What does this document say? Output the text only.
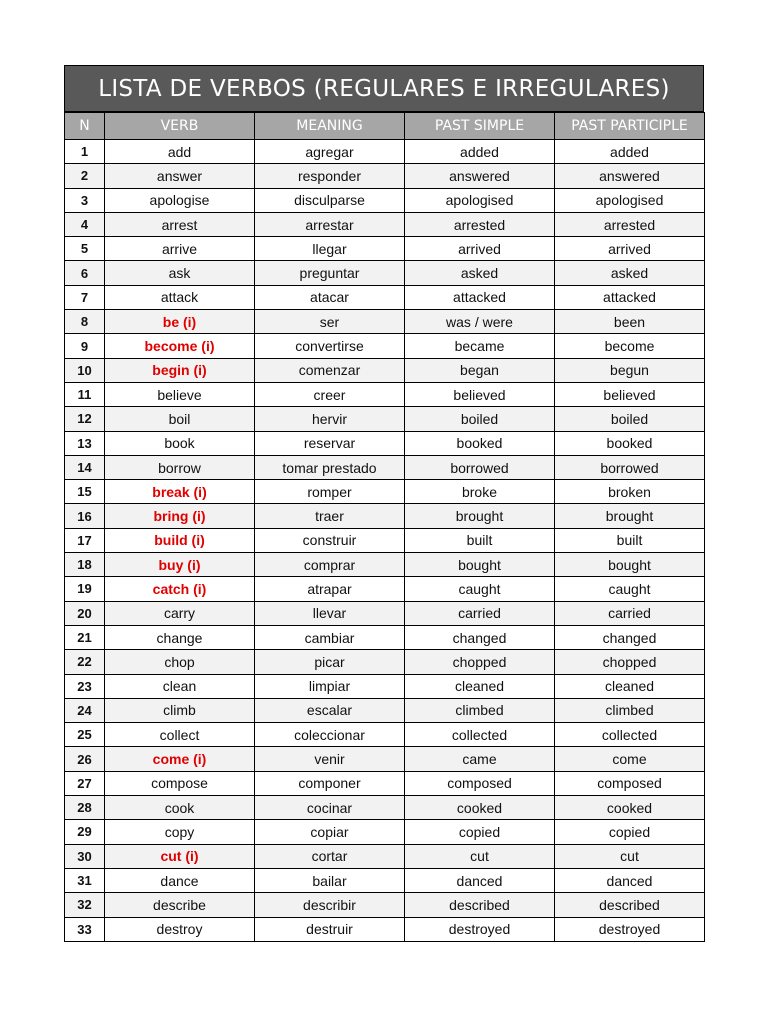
LISTA DE VERBOS (REGULARES E IRREGULARES)
N	VERB	MEANING	PAST SIMPLE	PAST PARTICIPLE
1	add	agregar	added	added
2	answer	responder	answered	answered
3	apologise	disculparse	apologised	apologised
4	arrest	arrestar	arrested	arrested
5	arrive	llegar	arrived	arrived
6	ask	preguntar	asked	asked
7	attack	atacar	attacked	attacked
8	be (i)	ser	was / were	been
9	become (i)	convertirse	became	become
10	begin (i)	comenzar	began	begun
11	believe	creer	believed	believed
12	boil	hervir	boiled	boiled
13	book	reservar	booked	booked
14	borrow	tomar prestado	borrowed	borrowed
15	break (i)	romper	broke	broken
16	bring (i)	traer	brought	brought
17	build (i)	construir	built	built
18	buy (i)	comprar	bought	bought
19	catch (i)	atrapar	caught	caught
20	carry	llevar	carried	carried
21	change	cambiar	changed	changed
22	chop	picar	chopped	chopped
23	clean	limpiar	cleaned	cleaned
24	climb	escalar	climbed	climbed
25	collect	coleccionar	collected	collected
26	come (i)	venir	came	come
27	compose	componer	composed	composed
28	cook	cocinar	cooked	cooked
29	copy	copiar	copied	copied
30	cut (i)	cortar	cut	cut
31	dance	bailar	danced	danced
32	describe	describir	described	described
33	destroy	destruir	destroyed	destroyed
